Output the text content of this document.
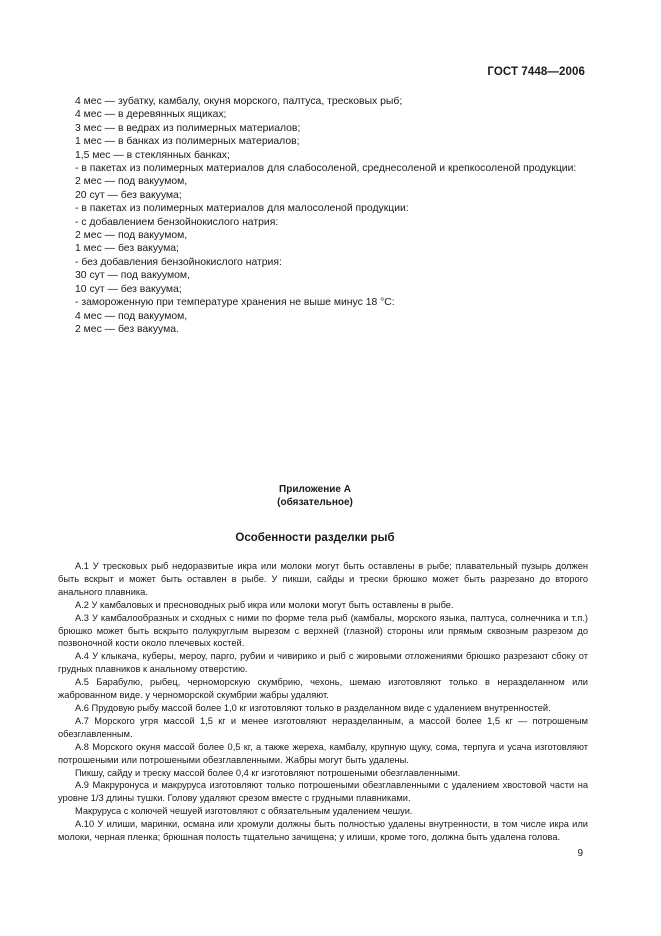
ГОСТ 7448—2006
4 мес — зубатку, камбалу, окуня морского, палтуса, тресковых рыб;
4 мес — в деревянных ящиках;
3 мес — в ведрах из полимерных материалов;
1 мес — в банках из полимерных материалов;
1,5 мес — в стеклянных банках;
- в пакетах из полимерных материалов для слабосоленой, среднесоленой и крепкосоленой продукции:
2 мес — под вакуумом,
20 сут — без вакуума;
- в пакетах из полимерных материалов для малосоленой продукции:
- с добавлением бензойнокислого натрия:
2 мес — под вакуумом,
1 мес — без вакуума;
- без добавления бензойнокислого натрия:
30 сут — под вакуумом,
10 сут — без вакуума;
- замороженную при температуре хранения не выше минус 18 °С:
4 мес — под вакуумом,
2 мес — без вакуума.
Приложение А
(обязательное)
Особенности разделки рыб

А.1 У тресковых рыб недоразвитые икра или молоки могут быть оставлены в рыбе; плавательный пузырь должен быть вскрыт и может быть оставлен в рыбе. У пикши, сайды и трески брюшко может быть разрезано до второго анального плавника.

А.2 У камбаловых и пресноводных рыб икра или молоки могут быть оставлены в рыбе.

А.3 У камбалообразных и сходных с ними по форме тела рыб (камбалы, морского языка, палтуса, солнечника и т.п.) брюшко может быть вскрыто полукруглым вырезом с верхней (глазной) стороны или прямым сквозным разрезом до позвоночной кости около плечевых костей.

А.4 У клыкача, куберы, мероу, парго, рубии и чивирико и рыб с жировыми отложениями брюшко разрезают сбоку от грудных плавников к анальному отверстию.

А.5 Барабулю, рыбец, черноморскую скумбрию, чехонь, шемаю изготовляют только в неразделанном или жаброванном виде. у черноморской скумбрии жабры удаляют.

А.6 Прудовую рыбу массой более 1,0 кг изготовляют только в разделанном виде с удалением внутренностей.

А.7 Морского угря массой 1,5 кг и менее изготовляют неразделанным, а массой более 1,5 кг — потрошеным обезглавленным.

А.8 Морского окуня массой более 0,5 кг, а также жереха, камбалу, крупную щуку, сома, терпуга и усача изготовляют потрошеными или потрошеными обезглавленными. Жабры могут быть удалены.

Пикшу, сайду и треску массой более 0,4 кг изготовляют потрошеными обезглавленными.

А.9 Макруронуса и макруруса изготовляют только потрошеными обезглавленными с удалением хвостовой части на уровне 1/3 длины тушки. Голову удаляют срезом вместе с грудными плавниками.

Макруруса с колючей чешуей изготовляют с обязательным удалением чешуи.

А.10 У илиши, маринки, османа или хромули должны быть полностью удалены внутренности, в том числе икра или молоки, черная пленка; брюшная полость тщательно зачищена; у илиши, кроме того, должна быть удалена голова.

9
